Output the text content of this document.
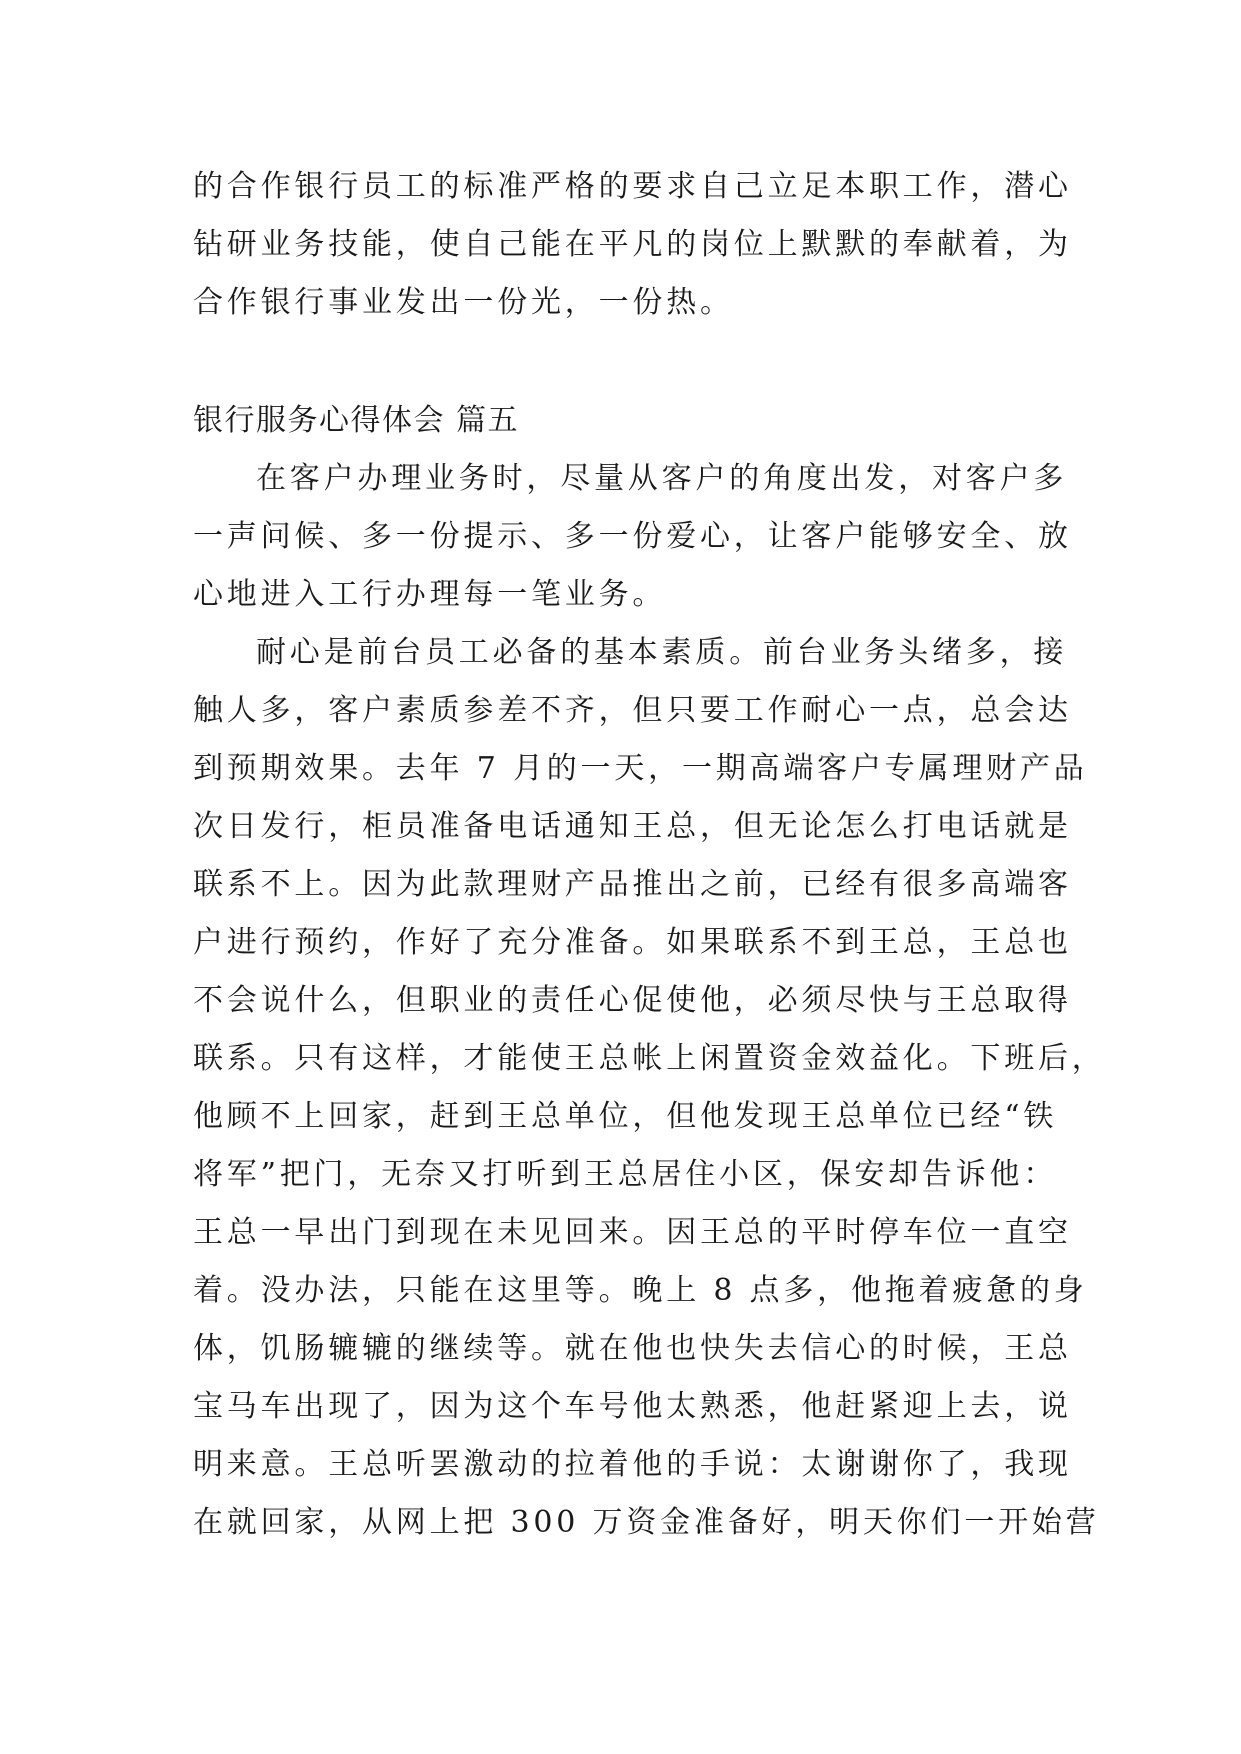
的合作银行员工的标准严格的要求自己立足本职工作，潜心
钻研业务技能，使自己能在平凡的岗位上默默的奉献着，为
合作银行事业发出一份光，一份热。
银行服务心得体会 篇五
在客户办理业务时，尽量从客户的角度出发，对客户多
一声问候、多一份提示、多一份爱心，让客户能够安全、放
心地进入工行办理每一笔业务。
耐心是前台员工必备的基本素质。前台业务头绪多，接
触人多，客户素质参差不齐，但只要工作耐心一点，总会达
到预期效果。去年 7 月的一天，一期高端客户专属理财产品
次日发行，柜员准备电话通知王总，但无论怎么打电话就是
联系不上。因为此款理财产品推出之前，已经有很多高端客
户进行预约，作好了充分准备。如果联系不到王总，王总也
不会说什么，但职业的责任心促使他，必须尽快与王总取得
联系。只有这样，才能使王总帐上闲置资金效益化。下班后，
他顾不上回家，赶到王总单位，但他发现王总单位已经“铁
将军”把门，无奈又打听到王总居住小区，保安却告诉他：
王总一早出门到现在未见回来。因王总的平时停车位一直空
着。没办法，只能在这里等。晚上 8 点多，他拖着疲惫的身
体，饥肠辘辘的继续等。就在他也快失去信心的时候，王总
宝马车出现了，因为这个车号他太熟悉，他赶紧迎上去，说
明来意。王总听罢激动的拉着他的手说：太谢谢你了，我现
在就回家，从网上把 300 万资金准备好，明天你们一开始营
